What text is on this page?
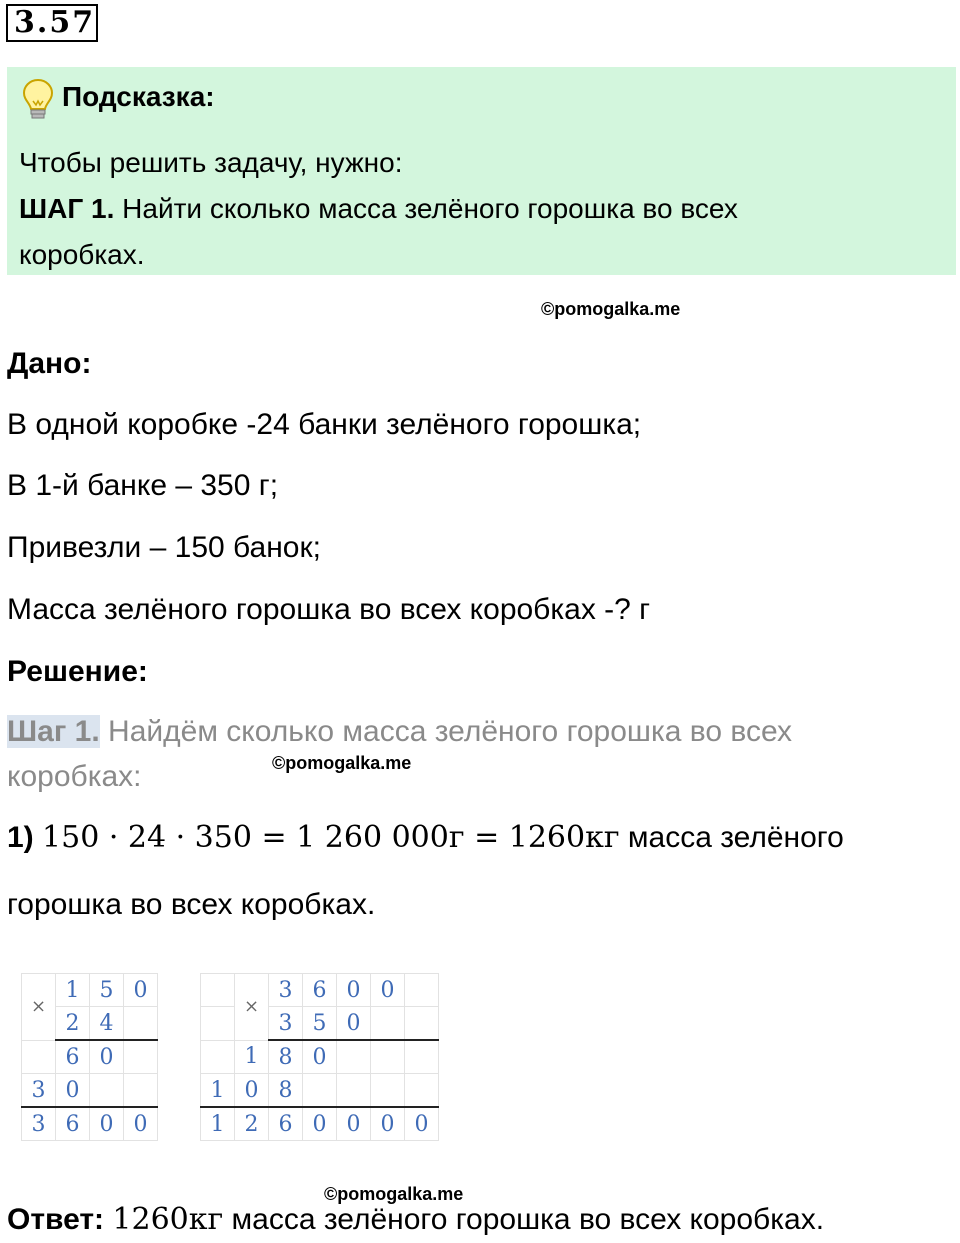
3.57
Подсказка:
Чтобы решить задачу, нужно:
ШАГ 1. Найти сколько масса зелёного горошка во всех
коробках.
©pomogalka.me
Дано:
В одной коробке -24 банки зелёного горошка;
В 1-й банке – 350 г;
Привезли – 150 банок;
Масса зелёного горошка во всех коробках -? г
Решение:
Шаг 1. Найдём сколько масса зелёного горошка во всех
коробках:	©pomogalka.me
1) 150 · 24 · 350 = 1 260 000г = 1260кг масса зелёного
горошка во всех коробках.
×	1	5	0
	2	4	
	6	0	
3	0		
3	6	0	0
	×	3	6	0	0	
		3	5	0		
	1	8	0			
1	0	8				
1	2	6	0	0	0	0
©pomogalka.me
Ответ: 1260кг масса зелёного горошка во всех коробках.
